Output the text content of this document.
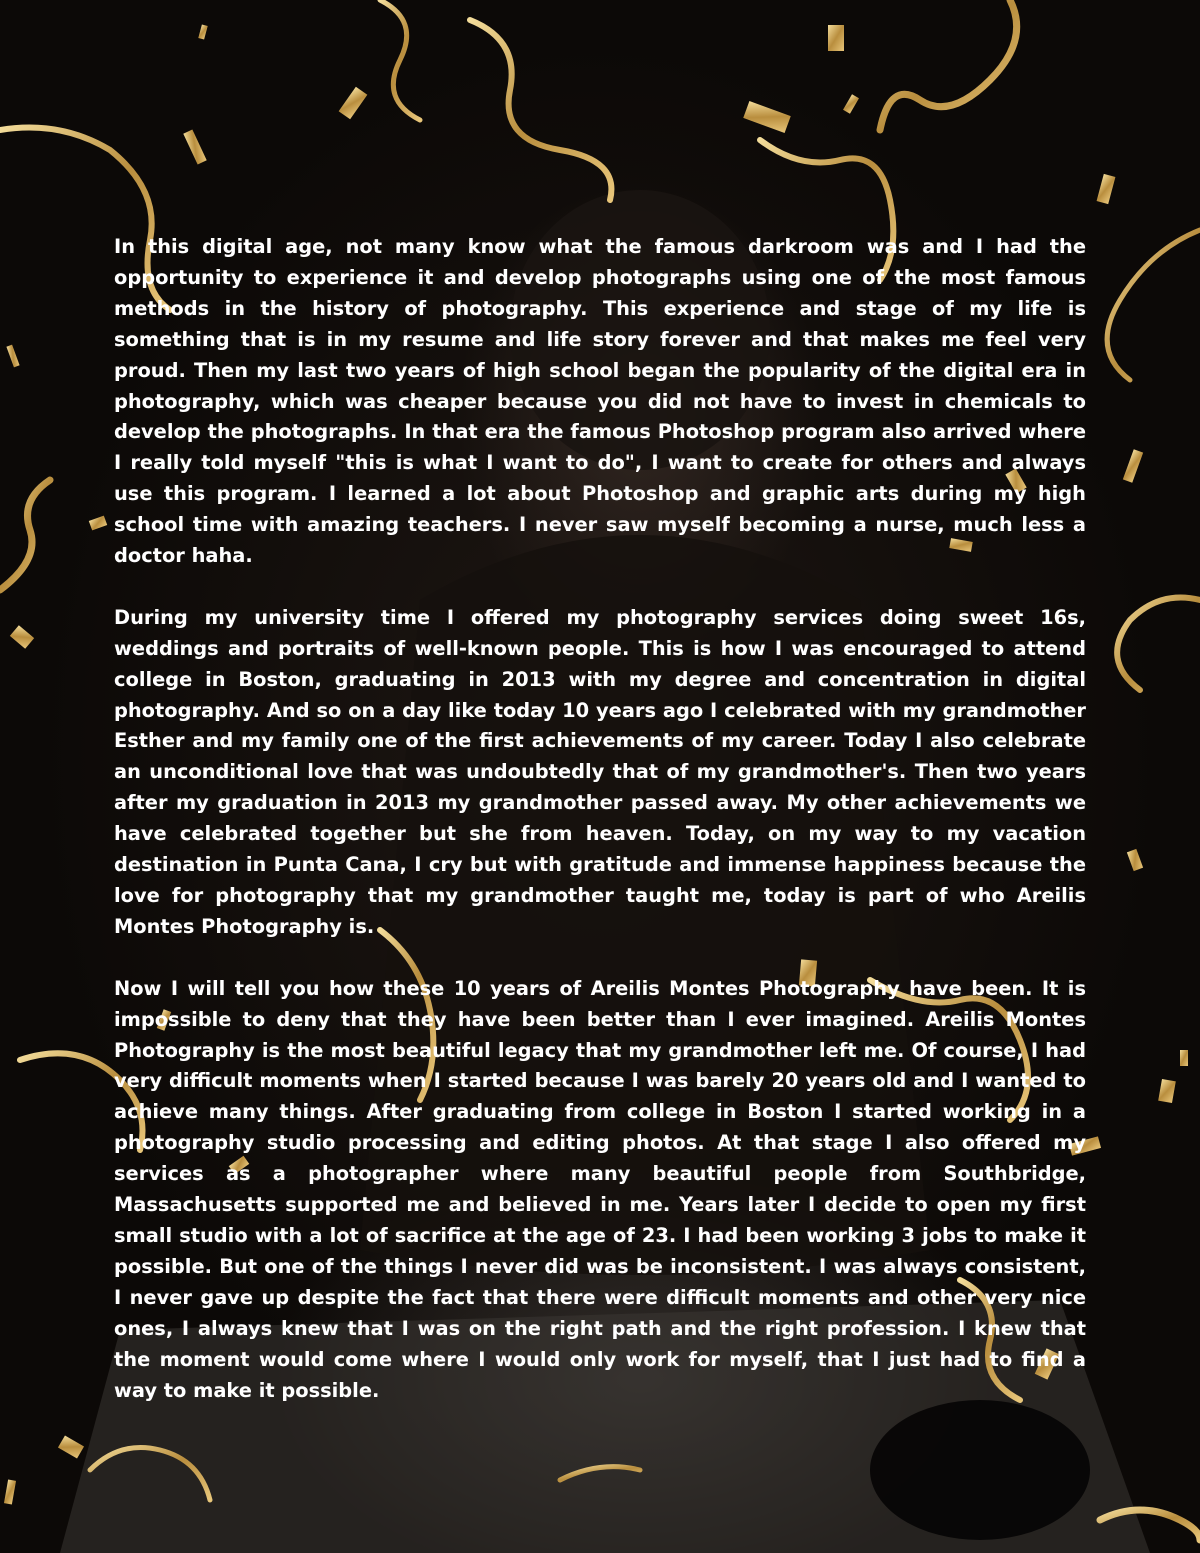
In this digital age, not many know what the famous darkroom was and I had the opportunity to experience it and develop photographs using one of the most famous methods in the history of photography. This experience and stage of my life is something that is in my resume and life story forever and that makes me feel very proud. Then my last two years of high school began the popularity of the digital era in photography, which was cheaper because you did not have to invest in chemicals to develop the photographs. In that era the famous Photoshop program also arrived where I really told myself "this is what I want to do", I want to create for others and always use this program. I learned a lot about Photoshop and graphic arts during my high school time with amazing teachers. I never saw myself becoming a nurse, much less a doctor haha.

During my university time I offered my photography services doing sweet 16s, weddings and portraits of well-known people. This is how I was encouraged to attend college in Boston, graduating in 2013 with my degree and concentration in digital photography. And so on a day like today 10 years ago I celebrated with my grandmother Esther and my family one of the first achievements of my career. Today I also celebrate an unconditional love that was undoubtedly that of my grandmother's. Then two years after my graduation in 2013 my grandmother passed away. My other achievements we have celebrated together but she from heaven. Today, on my way to my vacation destination in Punta Cana, I cry but with gratitude and immense happiness because the love for photography that my grandmother taught me, today is part of who Areilis Montes Photography is.

Now I will tell you how these 10 years of Areilis Montes Photography have been. It is impossible to deny that they have been better than I ever imagined. Areilis Montes Photography is the most beautiful legacy that my grandmother left me. Of course, I had very difficult moments when I started because I was barely 20 years old and I wanted to achieve many things. After graduating from college in Boston I started working in a photography studio processing and editing photos. At that stage I also offered my services as a photographer where many beautiful people from Southbridge, Massachusetts supported me and believed in me. Years later I decide to open my first small studio with a lot of sacrifice at the age of 23. I had been working 3 jobs to make it possible. But one of the things I never did was be inconsistent. I was always consistent, I never gave up despite the fact that there were difficult moments and other very nice ones, I always knew that I was on the right path and the right profession. I knew that the moment would come where I would only work for myself, that I just had to find a way to make it possible.
